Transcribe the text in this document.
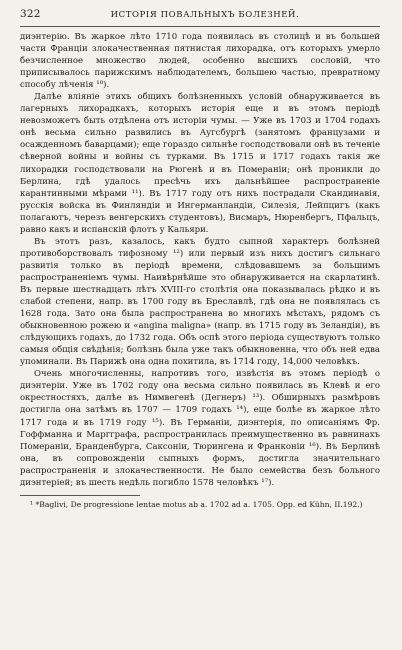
322	ИСТОРІЯ ПОВАЛЬНЫХЪ БОЛЕЗНЕЙ.

диэнтерію. Въ жаркое лѣто 1710 года появилась въ столицѣ и въ большей части Франціи злокачественная пятнистая лихорадка, отъ которыхъ умерло безчисленное множество людей, особенно высшихъ сословій, что приписывалось парижскимъ наблюдателемъ, большею частью, превратному способу лѣченія ¹⁰).

Далѣе вліяніе этихъ общихъ болѣзненныхъ условій обнаруживается въ лагерныхъ лихорадкахъ, которыхъ исторія еще и въ этомъ періодѣ невозможетъ быть отдѣлена отъ исторіи чумы. — Уже въ 1703 и 1704 годахъ онѣ весьма сильно развились въ Аугсбургѣ (занятомъ французами и осажденномъ баварцами); еще гораздо сильнѣе господствовали онѣ въ теченіе сѣверной войны и войны съ турками. Въ 1715 и 1717 годахъ такія же лихорадки господствовали на Рюгенѣ и въ Помераніи; онѣ проникли до Берлина, гдѣ удалось пресѣчь ихъ дальнѣйшее распространеніе карантинными мѣрами ¹¹). Въ 1717 году отъ нихъ пострадали Скандинавія, русскія войска въ Финляндіи и Ингерманландіи, Силезія, Лейпцигъ (какъ полагаютъ, черезъ венгерскихъ студентовъ), Висмаръ, Нюренбергъ, Пфальцъ, равно какъ и испанскій флотъ у Кальяри.

Въ этотъ разъ, казалось, какъ будто сыпной характеръ болѣзней противоборствовалъ тифозному ¹²) или первый изъ нихъ достигъ сильнаго развитія только въ періодѣ времени, слѣдовавшемъ за большимъ распространеніемъ чумы. Наивѣрнѣйше это обнаруживается на скарлатинѣ. Въ первые шестнадцать лѣтъ XVIII-го столѣтія она показывалась рѣдко и въ слабой степени, напр. въ 1700 году въ Бреславлѣ, гдѣ она не появлялась съ 1628 года. Зато она была распространена во многихъ мѣстахъ, рядомъ съ обыкновенною рожею и «angina maligna» (напр. въ 1715 году въ Зеландіи), въ слѣдующихъ годахъ, до 1732 года. Объ оспѣ этого періода существуютъ только самыя общія свѣдѣнія; болѣзнь была уже такъ обыкновенна, что объ ней едва упоминали. Въ Парижѣ она одна похитила, въ 1714 году, 14,000 человѣкъ.

Очень многочисленны, напротивъ того, извѣстія въ этомъ періодѣ о диэнтеріи. Уже въ 1702 году она весьма сильно появилась въ Клевѣ и его окрестностяхъ, далѣе въ Нимвегенѣ (Дегнеръ) ¹³). Обширныхъ размѣровъ достигла она затѣмъ въ 1707 — 1709 годахъ ¹⁴), еще болѣе въ жаркое лѣто 1717 года и въ 1719 году ¹⁵). Въ Германіи, диэнтерія, по описаніямъ Фр. Гоффманна и Маргграфа, распространилась преимущественно въ равнинахъ Помераніи, Бранденбурга, Саксоніи, Тюрингена и Франконіи ¹⁶). Въ Берлинѣ она, въ сопровожденіи сыпныхъ формъ, достигла значительнаго распространенія и злокачественности. Не было семейства безъ больного диэнтеріей; въ шесть недѣль погибло 1578 человѣкъ ¹⁷).

¹ *Baglivi, De progressione lentae motus ab a. 1702 ad a. 1705. Opp. ed Kühn, II.192.)
